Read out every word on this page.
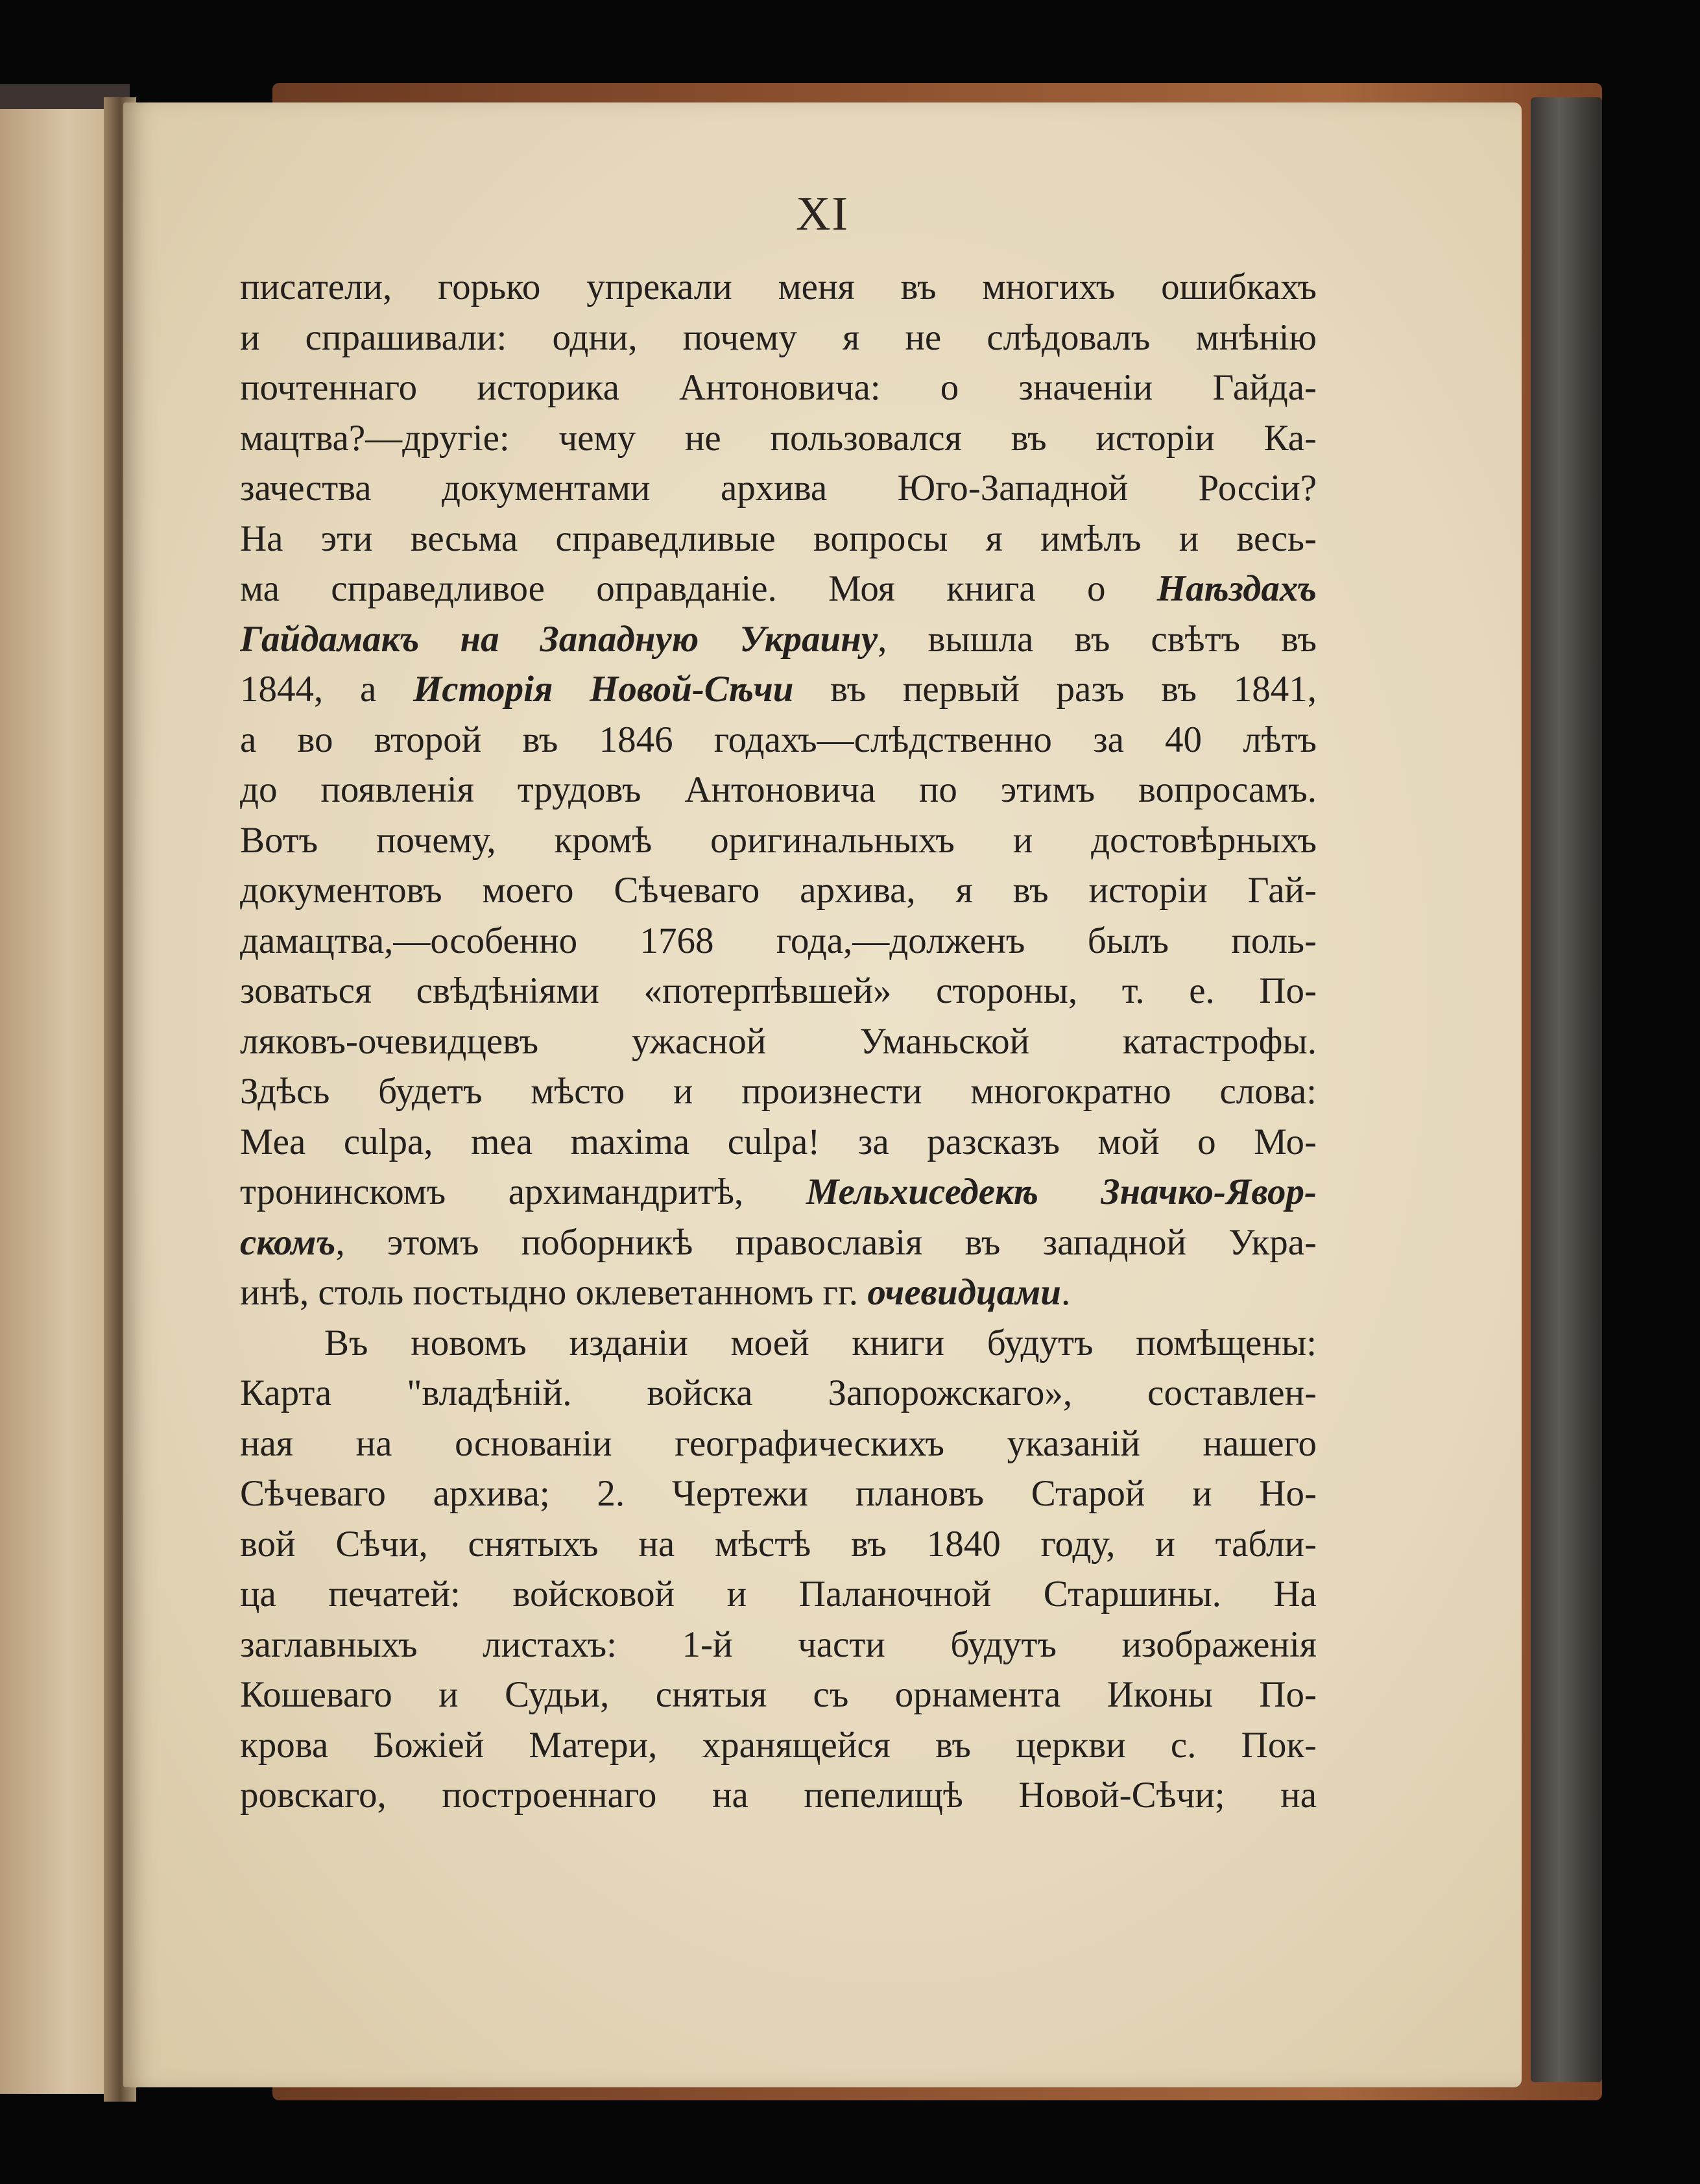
XI
писатели, горько упрекали меня въ многихъ ошибкахъ
и спрашивали: одни, почему я не слѣдовалъ мнѣнію
почтеннаго историка Антоновича: о значеніи Гайда-
мацтва?—другіе: чему не пользовался въ исторіи Ка-
зачества документами архива Юго-Западной Россіи?
На эти весьма справедливые вопросы я имѣлъ и весь-
ма справедливое оправданіе. Моя книга о Наѣздахъ
Гайдамакъ на Западную Украину, вышла въ свѣтъ въ
1844, а Исторія Новой-Сѣчи въ первый разъ въ 1841,
а во второй въ 1846 годахъ—слѣдственно за 40 лѣтъ
до появленія трудовъ Антоновича по этимъ вопросамъ.
Вотъ почему, кромѣ оригинальныхъ и достовѣрныхъ
документовъ моего Сѣчеваго архива, я въ исторіи Гай-
дамацтва,—особенно 1768 года,—долженъ былъ поль-
зоваться свѣдѣніями «потерпѣвшей» стороны, т. е. По-
ляковъ-очевидцевъ ужасной Уманьской катастрофы.
Здѣсь будетъ мѣсто и произнести многократно слова:
Mea culpa, mea maxima culpa! за разсказъ мой о Мо-
тронинскомъ архимандритѣ, Мельхиседекѣ Значко-Явор-
скомъ, этомъ поборникѣ православія въ западной Укра-
инѣ, столь постыдно оклеветанномъ гг. очевидцами.
Въ новомъ изданіи моей книги будутъ помѣщены:
Карта "владѣній. войска Запорожскаго», составлен-
ная на основаніи географическихъ указаній нашего
Сѣчеваго архива; 2. Чертежи плановъ Старой и Но-
вой Сѣчи, снятыхъ на мѣстѣ въ 1840 году, и табли-
ца печатей: войсковой и Паланочной Старшины. На
заглавныхъ листахъ: 1-й части будутъ изображенія
Кошеваго и Судьи, снятыя съ орнамента Иконы По-
крова Божіей Матери, хранящейся въ церкви с. Пок-
ровскаго, построеннаго на пепелищѣ Новой-Сѣчи; на
